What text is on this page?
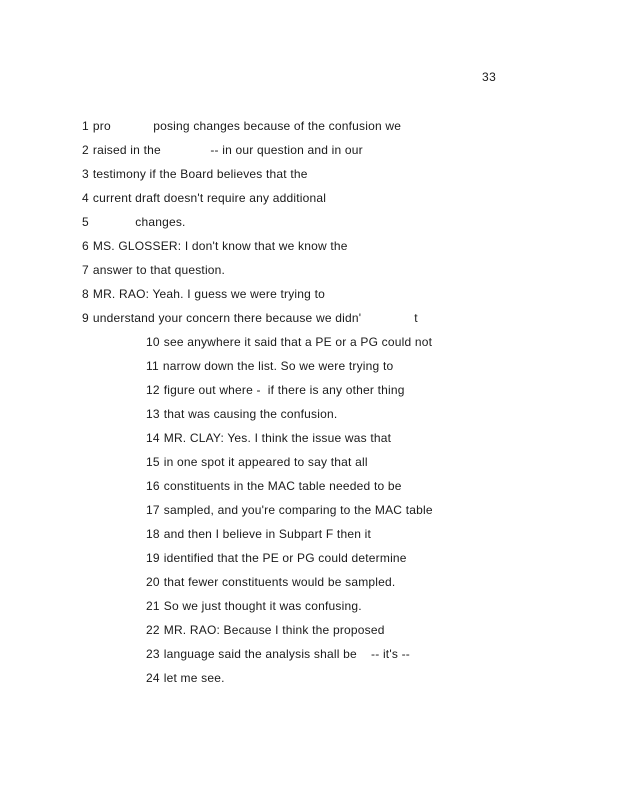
33
1 pro            posing changes because of the confusion we
2 raised in the              -- in our question and in our
3 testimony if the Board believes that the
4 current draft doesn't require any additional
5            changes.
6 MS. GLOSSER: I don't know that we know the
7 answer to that question.
8 MR. RAO: Yeah. I guess we were trying to
9 understand your concern there because we didn'               t
10 see anywhere it said that a PE or a PG could not
11 narrow down the list. So we were trying to
12 figure out where -  if there is any other thing
13 that was causing the confusion.
14 MR. CLAY: Yes. I think the issue was that
15 in one spot it appeared to say that all
16 constituents in the MAC table needed to be
17 sampled, and you're comparing to the MAC table
18 and then I believe in Subpart F then it
19 identified that the PE or PG could determine
20 that fewer constituents would be sampled.
21 So we just thought it was confusing.
22 MR. RAO: Because I think the proposed
23 language said the analysis shall be    -- it's --
24 let me see.
